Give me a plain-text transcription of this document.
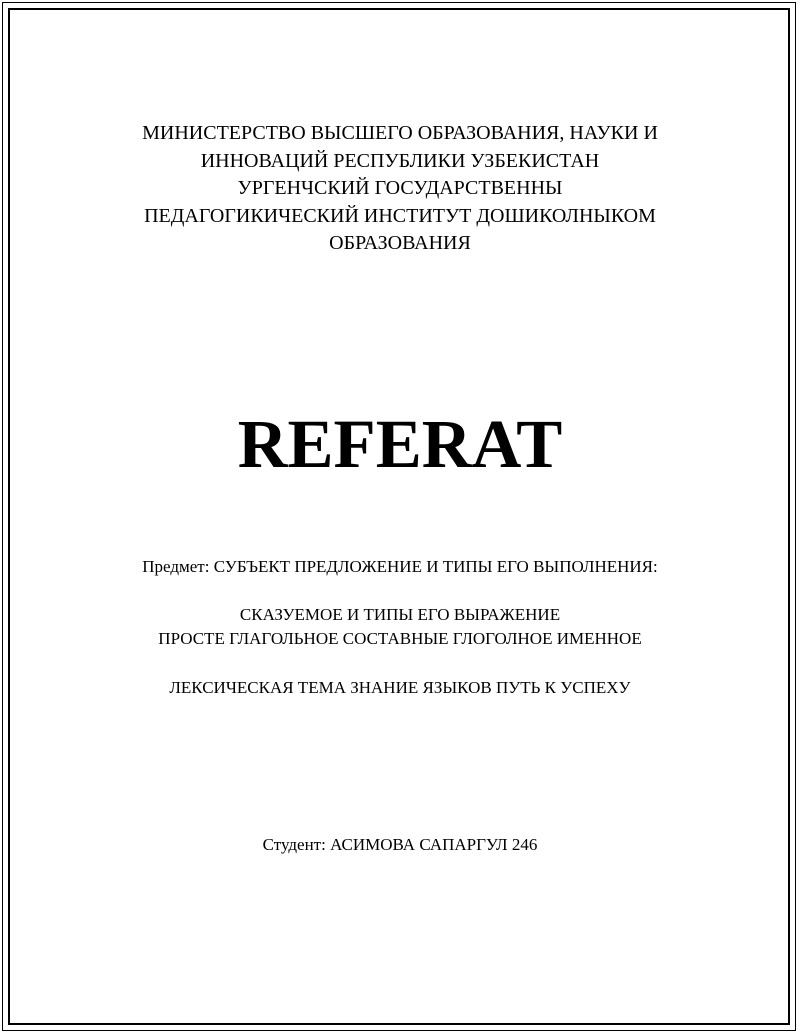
МИНИСТЕРСТВО ВЫСШЕГО ОБРАЗОВАНИЯ, НАУКИ И
ИННОВАЦИЙ РЕСПУБЛИКИ УЗБЕКИСТАН
УРГЕНЧСКИЙ ГОСУДАРСТВЕННЫ
ПЕДАГОГИКИЧЕСКИЙ ИНСТИТУТ ДОШИКОЛНЫКОМ
ОБРАЗОВАНИЯ
REFERAT
Предмет: СУБЪЕКТ ПРЕДЛОЖЕНИЕ И ТИПЫ ЕГО ВЫПОЛНЕНИЯ:
СКАЗУЕМОЕ И ТИПЫ ЕГО ВЫРАЖЕНИЕ
ПРОСТЕ ГЛАГОЛЬНОЕ СОСТАВНЫЕ ГЛОГОЛНОЕ ИМЕННОЕ
ЛЕКСИЧЕСКАЯ ТЕМА ЗНАНИЕ ЯЗЫКОВ ПУТЬ К УСПЕХУ
Студент: АСИМОВА САПАРГУЛ 246
